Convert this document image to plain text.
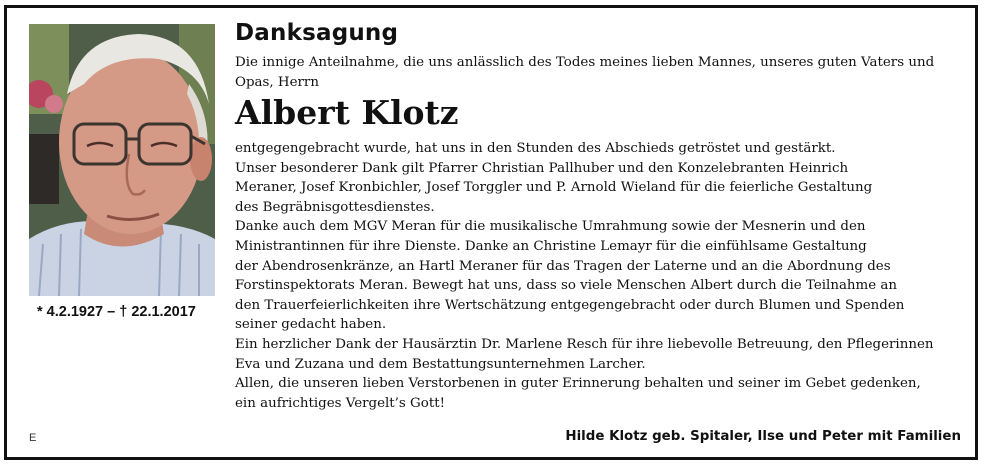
* 4.2.1927 – † 22.1.2017
E
Danksagung

Die innige Anteilnahme, die uns anlässlich des Todes meines lieben Mannes, unseres guten Vaters und Opas, Herrn

Albert Klotz

entgegengebracht wurde, hat uns in den Stunden des Abschieds getröstet und gestärkt.

Unser besonderer Dank gilt Pfarrer Christian Pallhuber und den Konzelebranten Heinrich

Meraner, Josef Kronbichler, Josef Torggler und P. Arnold Wieland für die feierliche Gestaltung

des Begräbnisgottesdienstes.

Danke auch dem MGV Meran für die musikalische Umrahmung sowie der Mesnerin und den

Ministrantinnen für ihre Dienste. Danke an Christine Lemayr für die einfühlsame Gestaltung

der Abendrosenkränze, an Hartl Meraner für das Tragen der Laterne und an die Abordnung des

Forstinspektorats Meran. Bewegt hat uns, dass so viele Menschen Albert durch die Teilnahme an

den Trauerfeierlichkeiten ihre Wertschätzung entgegengebracht oder durch Blumen und Spenden

seiner gedacht haben.

Ein herzlicher Dank der Hausärztin Dr. Marlene Resch für ihre liebevolle Betreuung, den Pflegerinnen

Eva und Zuzana und dem Bestattungsunternehmen Larcher.

Allen, die unseren lieben Verstorbenen in guter Erinnerung behalten und seiner im Gebet gedenken,

ein aufrichtiges Vergelt’s Gott!

Hilde Klotz geb. Spitaler, Ilse und Peter mit Familien
